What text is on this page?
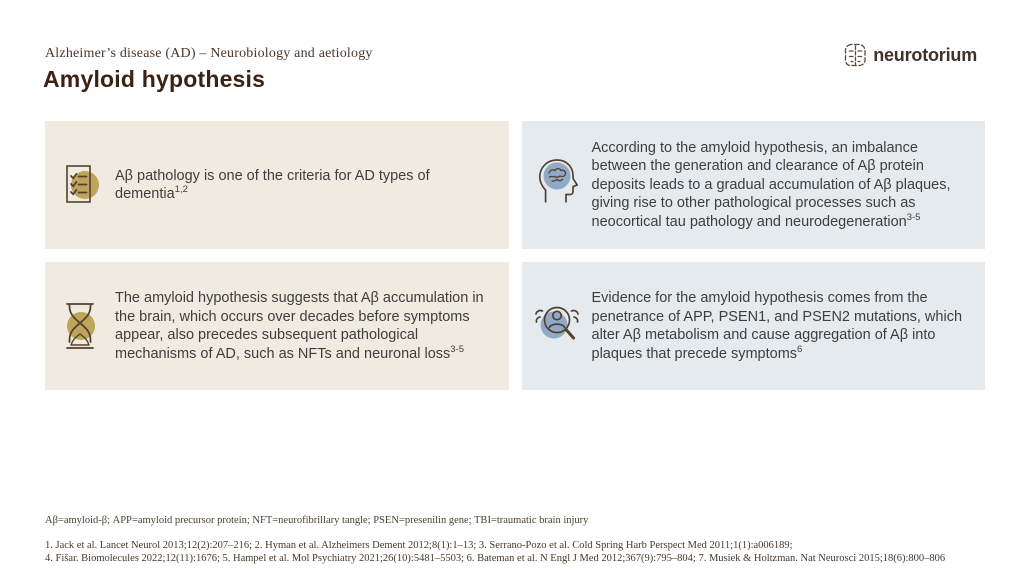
Alzheimer’s disease (AD) – Neurobiology and aetiology
Amyloid hypothesis
neurotorium
Aβ pathology is one of the criteria for AD types of dementia$^{1,2}$
According to the amyloid hypothesis, an imbalance between the generation and clearance of Aβ protein deposits leads to a gradual accumulation of Aβ plaques, giving rise to other pathological processes such as neocortical tau pathology and neurodegeneration$^{3-5}$
The amyloid hypothesis suggests that Aβ accumulation in the brain, which occurs over decades before symptoms appear, also precedes subsequent pathological mechanisms of AD, such as NFTs and neuronal loss$^{3-5}$
Evidence for the amyloid hypothesis comes from the penetrance of APP, PSEN1, and PSEN2 mutations, which alter Aβ metabolism and cause aggregation of Aβ into plaques that precede symptoms$^6$
Aβ=amyloid-β; APP=amyloid precursor protein; NFT=neurofibrillary tangle; PSEN=presenilin gene; TBI=traumatic brain injury
1. Jack et al. Lancet Neurol 2013;12(2):207–216; 2. Hyman et al. Alzheimers Dement 2012;8(1):1–13; 3. Serrano-Pozo et al. Cold Spring Harb Perspect Med 2011;1(1):a006189;
4. Fišar. Biomolecules 2022;12(11):1676; 5. Hampel et al. Mol Psychiatry 2021;26(10):5481–5503; 6. Bateman et al. N Engl J Med 2012;367(9):795–804; 7. Musiek & Holtzman. Nat Neurosci 2015;18(6):800–806
